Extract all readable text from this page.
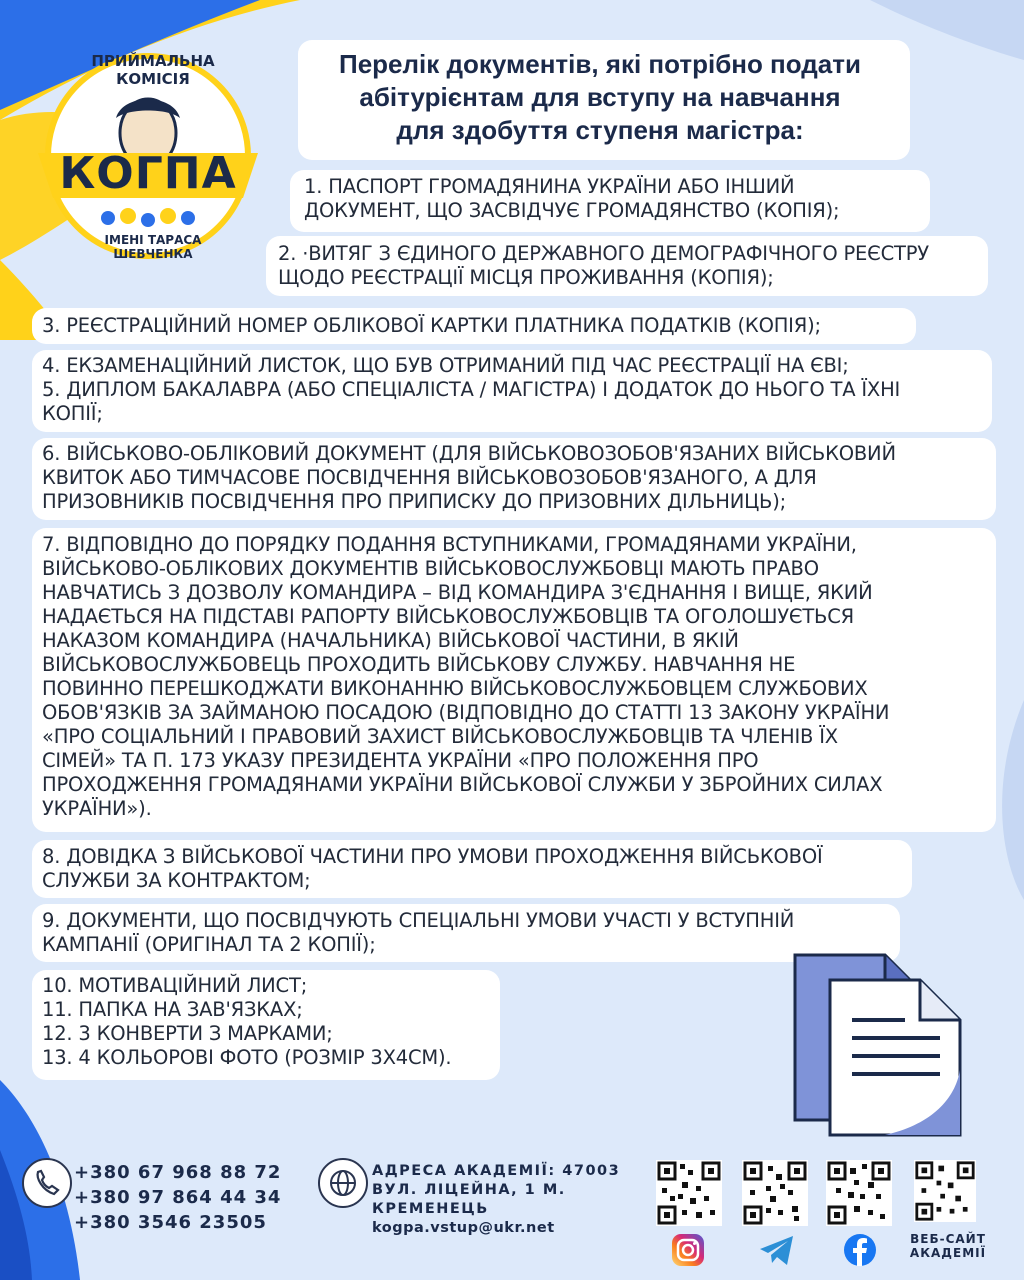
ПРИЙМАЛЬНА КОМІСІЯ
КОГПА
ІМЕНІ ТАРАСА ШЕВЧЕНКА
Перелік документів, які потрібно подати
абітурієнтам для вступу на навчання
для здобуття ступеня магістра:
1. ПАСПОРТ ГРОМАДЯНИНА УКРАЇНИ АБО ІНШИЙ
ДОКУМЕНТ, ЩО ЗАСВІДЧУЄ ГРОМАДЯНСТВО (КОПІЯ);
2. ·ВИТЯГ З ЄДИНОГО ДЕРЖАВНОГО ДЕМОГРАФІЧНОГО РЕЄСТРУ
ЩОДО РЕЄСТРАЦІЇ МІСЦЯ ПРОЖИВАННЯ (КОПІЯ);
3. РЕЄСТРАЦІЙНИЙ НОМЕР ОБЛІКОВОЇ КАРТКИ ПЛАТНИКА ПОДАТКІВ (КОПІЯ);
4. ЕКЗАМЕНАЦІЙНИЙ ЛИСТОК, ЩО БУВ ОТРИМАНИЙ ПІД ЧАС РЕЄСТРАЦІЇ НА ЄВІ;
5. ДИПЛОМ БАКАЛАВРА (АБО СПЕЦІАЛІСТА / МАГІСТРА) І ДОДАТОК ДО НЬОГО ТА ЇХНІ
КОПІЇ;
6. ВІЙСЬКОВО-ОБЛІКОВИЙ ДОКУМЕНТ (ДЛЯ ВІЙСЬКОВОЗОБОВ'ЯЗАНИХ ВІЙСЬКОВИЙ
КВИТОК АБО ТИМЧАСОВЕ ПОСВІДЧЕННЯ ВІЙСЬКОВОЗОБОВ'ЯЗАНОГО, А ДЛЯ
ПРИЗОВНИКІВ ПОСВІДЧЕННЯ ПРО ПРИПИСКУ ДО ПРИЗОВНИХ ДІЛЬНИЦЬ);
7. ВІДПОВІДНО ДО ПОРЯДКУ ПОДАННЯ ВСТУПНИКАМИ, ГРОМАДЯНАМИ УКРАЇНИ,
ВІЙСЬКОВО-ОБЛІКОВИХ ДОКУМЕНТІВ ВІЙСЬКОВОСЛУЖБОВЦІ МАЮТЬ ПРАВО
НАВЧАТИСЬ З ДОЗВОЛУ КОМАНДИРА – ВІД КОМАНДИРА З'ЄДНАННЯ І ВИЩЕ, ЯКИЙ
НАДАЄТЬСЯ НА ПІДСТАВІ РАПОРТУ ВІЙСЬКОВОСЛУЖБОВЦІВ ТА ОГОЛОШУЄТЬСЯ
НАКАЗОМ КОМАНДИРА (НАЧАЛЬНИКА) ВІЙСЬКОВОЇ ЧАСТИНИ, В ЯКІЙ
ВІЙСЬКОВОСЛУЖБОВЕЦЬ ПРОХОДИТЬ ВІЙСЬКОВУ СЛУЖБУ. НАВЧАННЯ НЕ
ПОВИННО ПЕРЕШКОДЖАТИ ВИКОНАННЮ ВІЙСЬКОВОСЛУЖБОВЦЕМ СЛУЖБОВИХ
ОБОВ'ЯЗКІВ ЗА ЗАЙМАНОЮ ПОСАДОЮ (ВІДПОВІДНО ДО СТАТТІ 13 ЗАКОНУ УКРАЇНИ
«ПРО СОЦІАЛЬНИЙ І ПРАВОВИЙ ЗАХИСТ ВІЙСЬКОВОСЛУЖБОВЦІВ ТА ЧЛЕНІВ ЇХ
СІМЕЙ» ТА П. 173 УКАЗУ ПРЕЗИДЕНТА УКРАЇНИ «ПРО ПОЛОЖЕННЯ ПРО
ПРОХОДЖЕННЯ ГРОМАДЯНАМИ УКРАЇНИ ВІЙСЬКОВОЇ СЛУЖБИ У ЗБРОЙНИХ СИЛАХ
УКРАЇНИ»).
8. ДОВІДКА З ВІЙСЬКОВОЇ ЧАСТИНИ ПРО УМОВИ ПРОХОДЖЕННЯ ВІЙСЬКОВОЇ
СЛУЖБИ ЗА КОНТРАКТОМ;
9. ДОКУМЕНТИ, ЩО ПОСВІДЧУЮТЬ СПЕЦІАЛЬНІ УМОВИ УЧАСТІ У ВСТУПНІЙ
КАМПАНІЇ (ОРИГІНАЛ ТА 2 КОПІЇ);
10. МОТИВАЦІЙНИЙ ЛИСТ;
11. ПАПКА НА ЗАВ'ЯЗКАХ;
12. 3 КОНВЕРТИ З МАРКАМИ;
13. 4 КОЛЬОРОВІ ФОТО (РОЗМІР 3Х4СМ).
+380 67 968 88 72
+380 97 864 44 34
+380 3546 23505
АДРЕСА АКАДЕМІЇ: 47003
ВУЛ. ЛІЦЕЙНА, 1 М.
КРЕМЕНЕЦЬ
kogpa.vstup@ukr.net
ВЕБ-САЙТ
АКАДЕМІЇ
